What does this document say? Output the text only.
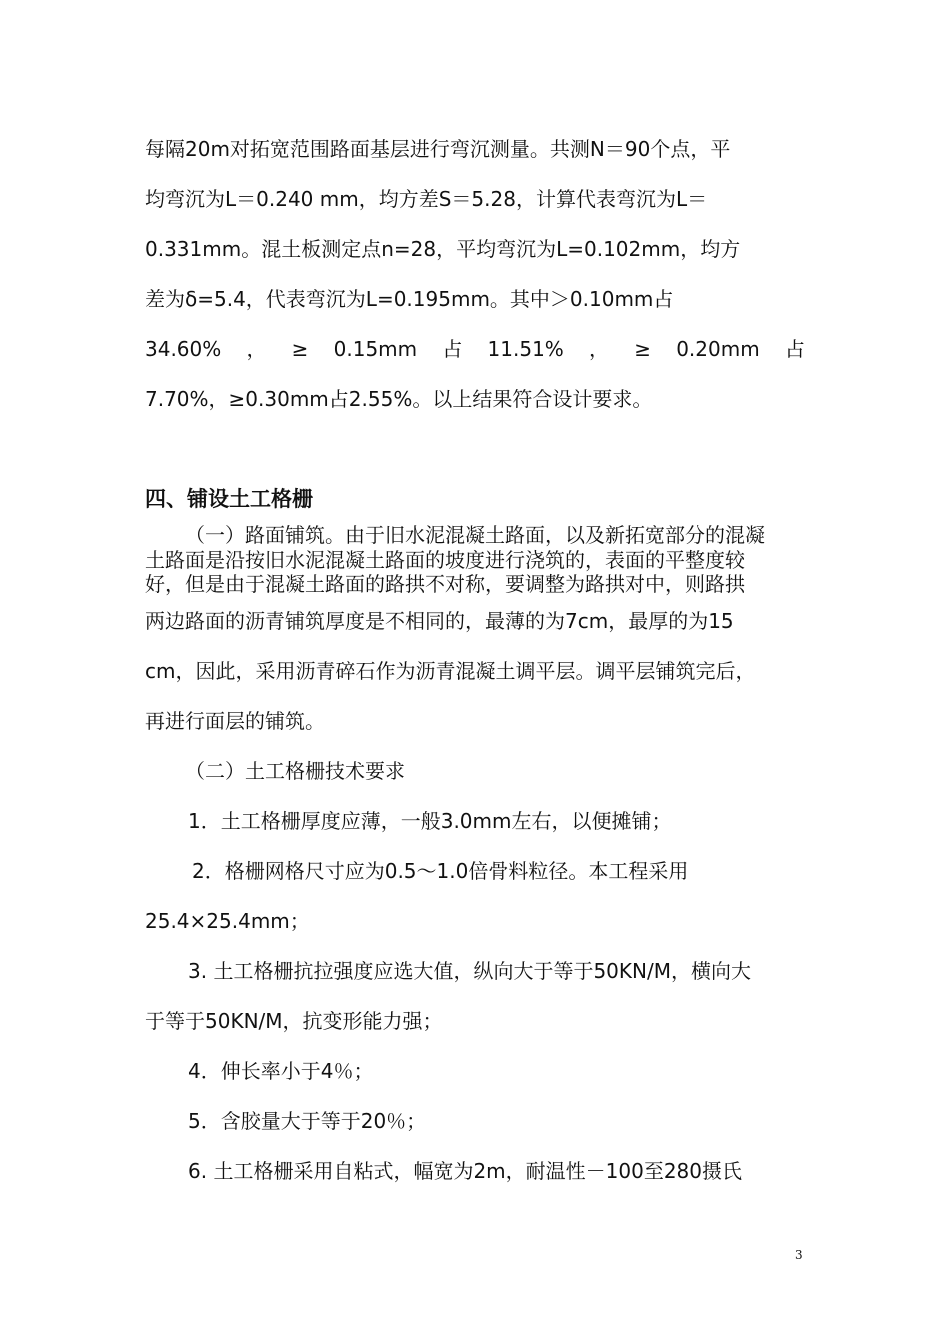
每隔20m对拓宽范围路面基层进行弯沉测量。共测N＝90个点，平
均弯沉为L＝0.240 mm，均方差S＝5.28，计算代表弯沉为L＝
0.331mm。混土板测定点n=28，平均弯沉为L=0.102mm，均方
差为δ=5.4，代表弯沉为L=0.195mm。其中＞0.10mm占
34.60% ， ≥ 0.15mm 占 11.51% ， ≥ 0.20mm 占
7.70%，≥0.30mm占2.55%。以上结果符合设计要求。
四、铺设土工格栅
（一）路面铺筑。由于旧水泥混凝土路面，以及新拓宽部分的混凝
土路面是沿按旧水泥混凝土路面的坡度进行浇筑的，表面的平整度较
好，但是由于混凝土路面的路拱不对称，要调整为路拱对中，则路拱
两边路面的沥青铺筑厚度是不相同的，最薄的为7cm，最厚的为15
cm，因此，采用沥青碎石作为沥青混凝土调平层。调平层铺筑完后，
再进行面层的铺筑。
（二）土工格栅技术要求
1．土工格栅厚度应薄，一般3.0mm左右，以便摊铺；
2．格栅网格尺寸应为0.5～1.0倍骨料粒径。本工程采用
25.4×25.4mm；
3. 土工格栅抗拉强度应选大值，纵向大于等于50KN/M，横向大
于等于50KN/M，抗变形能力强；
4．伸长率小于4％；
5．含胶量大于等于20％；
6. 土工格栅采用自粘式，幅宽为2m，耐温性－100至280摄氏
3
